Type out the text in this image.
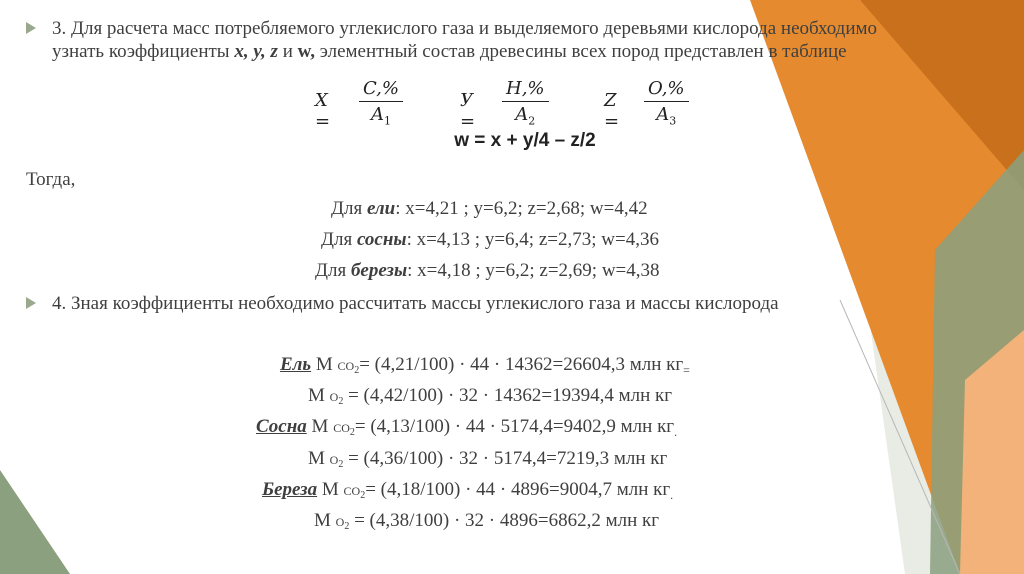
3. Для расчета масс потребляемого углекислого газа и выделяемого деревьями кислорода необходимо
узнать коэффициенты x, y, z и w, элементный состав древесины всех пород представлен в таблице
X =
C,%
$A_1$
У =
H,%
$A_2$
Z =
O,%
$A_3$
w = x + y/4 – z/2
Тогда,
Для ели: x=4,21 ; y=6,2; z=2,68; w=4,42
Для сосны: x=4,13 ; y=6,4; z=2,73; w=4,36
Для березы: x=4,18 ; y=6,2; z=2,69; w=4,38
4. Зная коэффициенты необходимо рассчитать массы углекислого газа и массы кислорода
Ель M CO2= (4,21/100) · 44 · 14362=26604,3 млн $кг_=$
M O2 = (4,42/100) · 32 · 14362=19394,4 млн кг
Сосна M CO2= (4,13/100) · 44 · 5174,4=9402,9 млн $кг_.$
M O2 = (4,36/100) · 32 · 5174,4=7219,3 млн кг
Береза M CO2= (4,18/100) · 44 · 4896=9004,7 млн $кг_.$
M O2 = (4,38/100) · 32 · 4896=6862,2 млн кг
